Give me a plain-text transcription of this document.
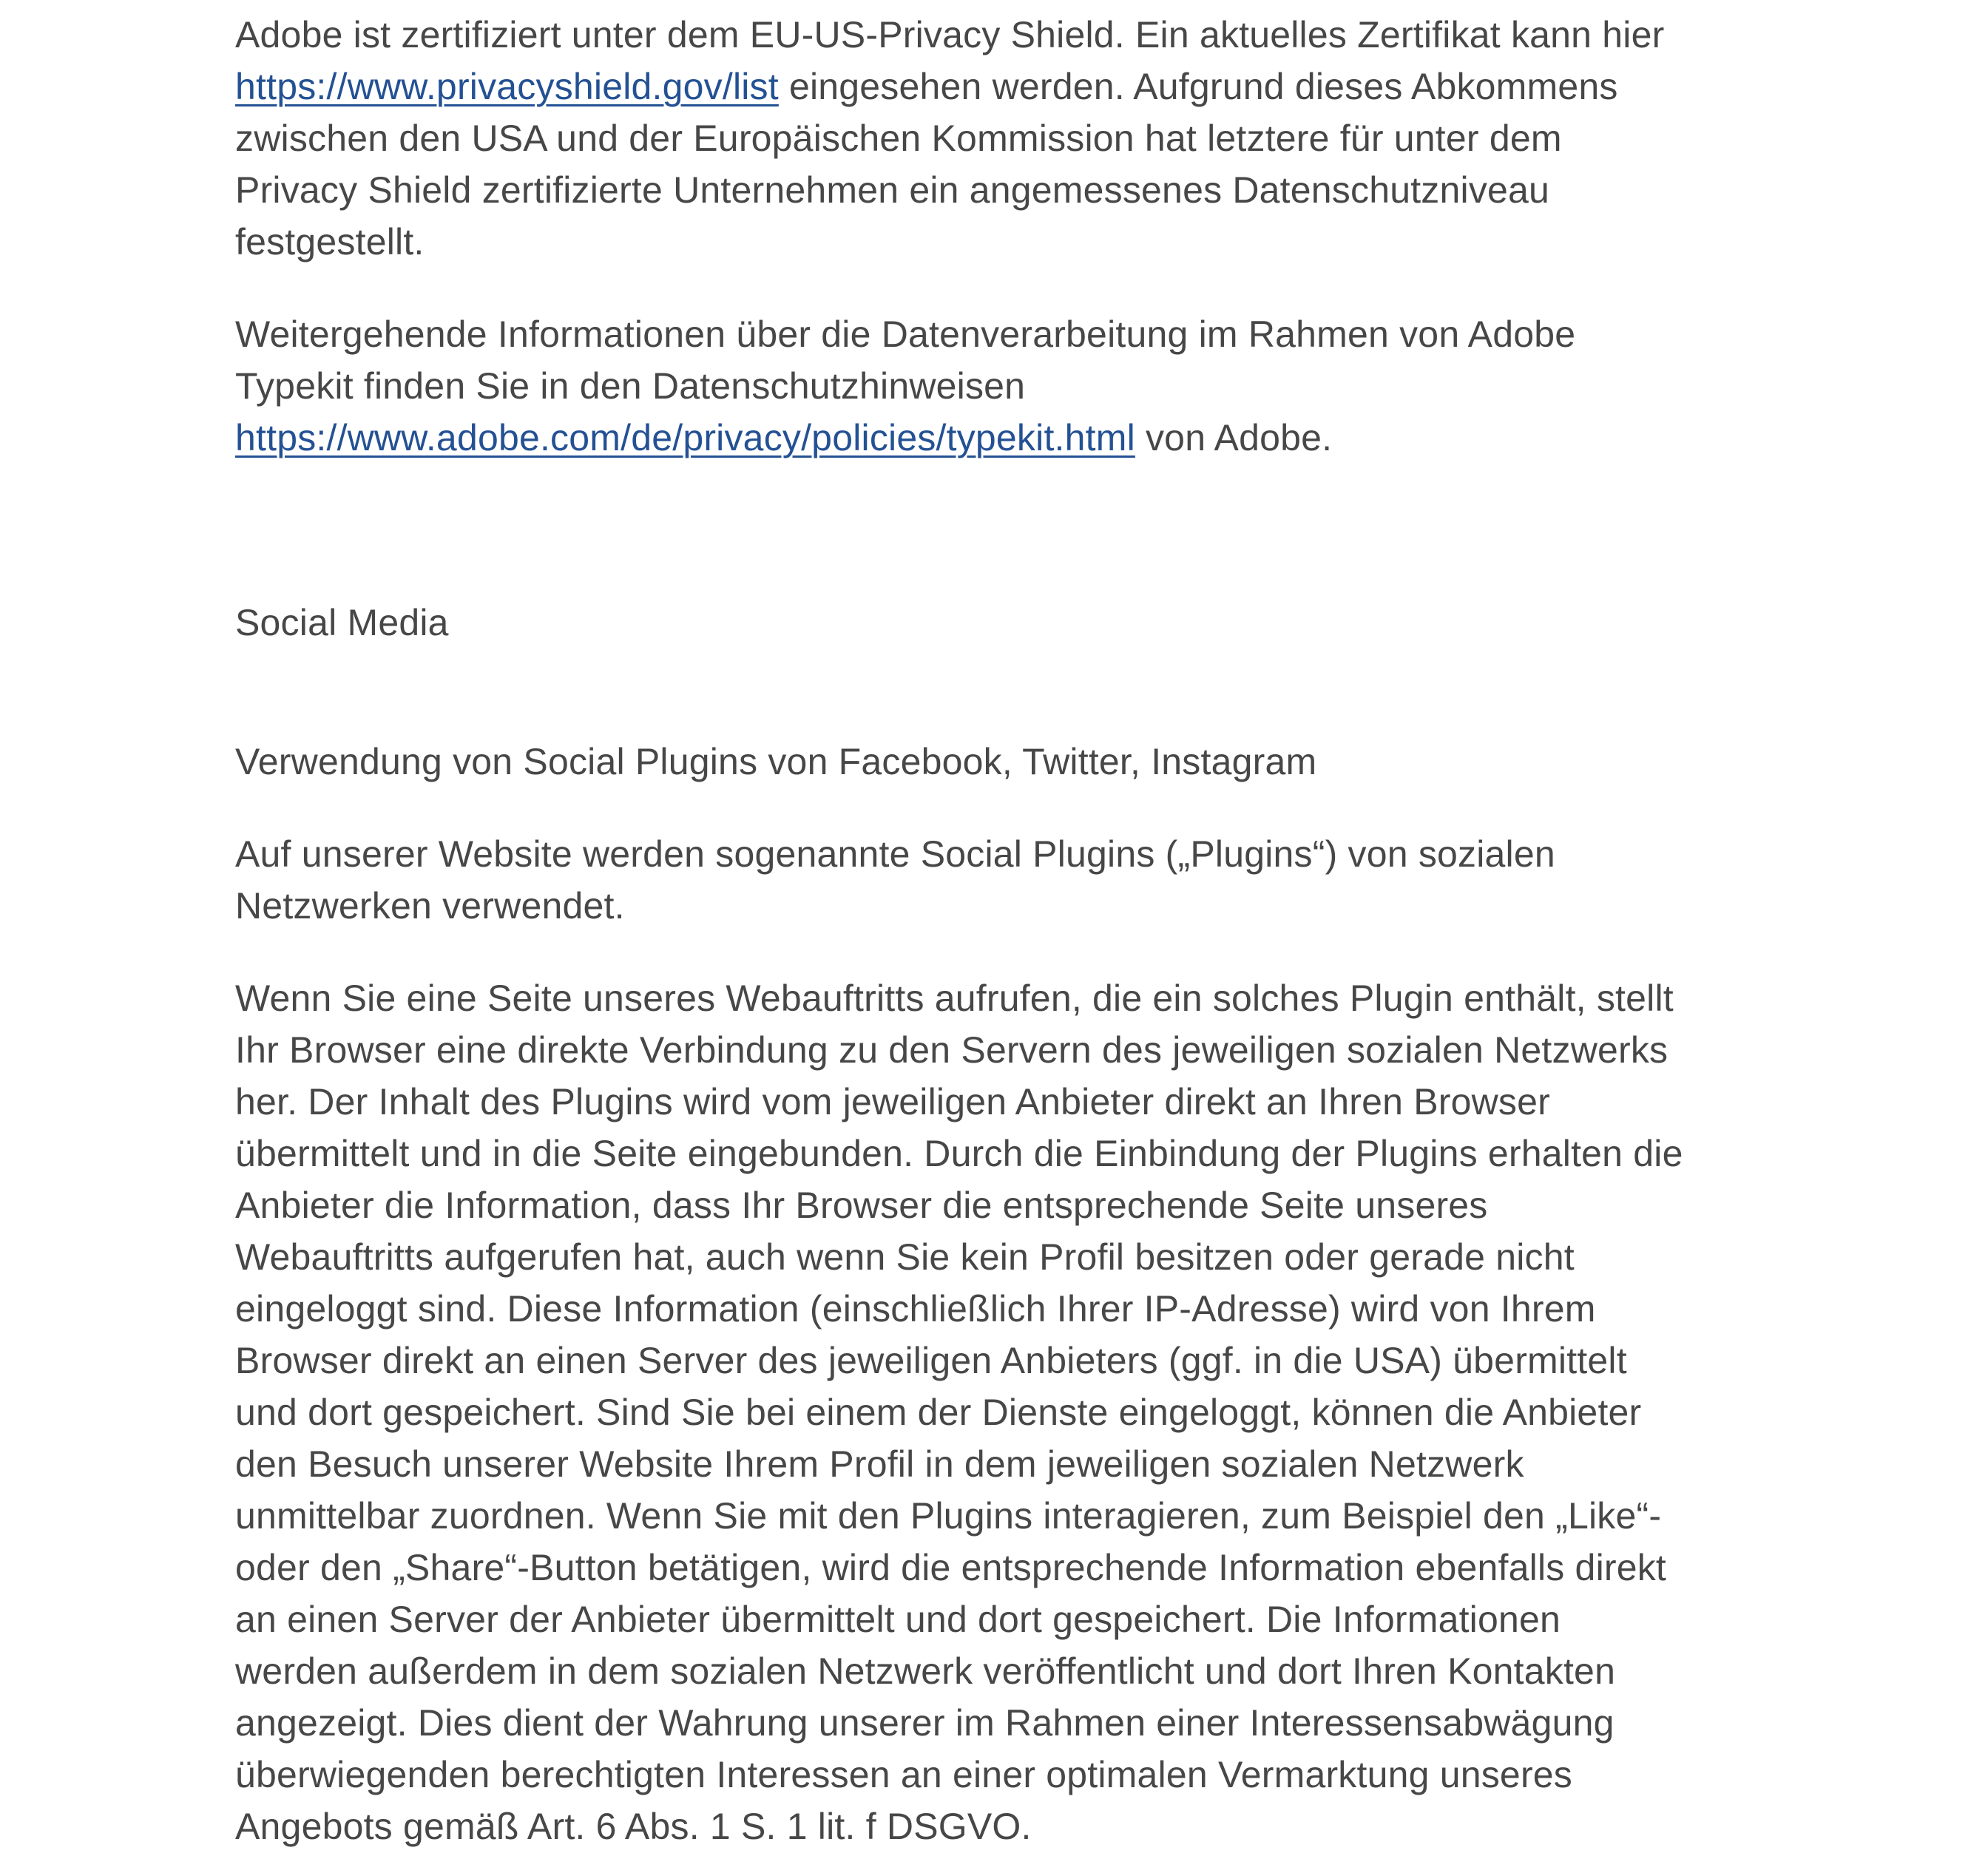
Adobe ist zertifiziert unter dem EU-US-Privacy Shield. Ein aktuelles Zertifikat kann hier
https://www.privacyshield.gov/list eingesehen werden. Aufgrund dieses Abkommens
zwischen den USA und der Europäischen Kommission hat letztere für unter dem
Privacy Shield zertifizierte Unternehmen ein angemessenes Datenschutzniveau
festgestellt.
Weitergehende Informationen über die Datenverarbeitung im Rahmen von Adobe
Typekit finden Sie in den Datenschutzhinweisen
https://www.adobe.com/de/privacy/policies/typekit.html von Adobe.
Social Media
Verwendung von Social Plugins von Facebook, Twitter, Instagram
Auf unserer Website werden sogenannte Social Plugins („Plugins“) von sozialen
Netzwerken verwendet.
Wenn Sie eine Seite unseres Webauftritts aufrufen, die ein solches Plugin enthält, stellt
Ihr Browser eine direkte Verbindung zu den Servern des jeweiligen sozialen Netzwerks
her. Der Inhalt des Plugins wird vom jeweiligen Anbieter direkt an Ihren Browser
übermittelt und in die Seite eingebunden. Durch die Einbindung der Plugins erhalten die
Anbieter die Information, dass Ihr Browser die entsprechende Seite unseres
Webauftritts aufgerufen hat, auch wenn Sie kein Profil besitzen oder gerade nicht
eingeloggt sind. Diese Information (einschließlich Ihrer IP-Adresse) wird von Ihrem
Browser direkt an einen Server des jeweiligen Anbieters (ggf. in die USA) übermittelt
und dort gespeichert. Sind Sie bei einem der Dienste eingeloggt, können die Anbieter
den Besuch unserer Website Ihrem Profil in dem jeweiligen sozialen Netzwerk
unmittelbar zuordnen. Wenn Sie mit den Plugins interagieren, zum Beispiel den „Like“-
oder den „Share“-Button betätigen, wird die entsprechende Information ebenfalls direkt
an einen Server der Anbieter übermittelt und dort gespeichert. Die Informationen
werden außerdem in dem sozialen Netzwerk veröffentlicht und dort Ihren Kontakten
angezeigt. Dies dient der Wahrung unserer im Rahmen einer Interessensabwägung
überwiegenden berechtigten Interessen an einer optimalen Vermarktung unseres
Angebots gemäß Art. 6 Abs. 1 S. 1 lit. f DSGVO.
